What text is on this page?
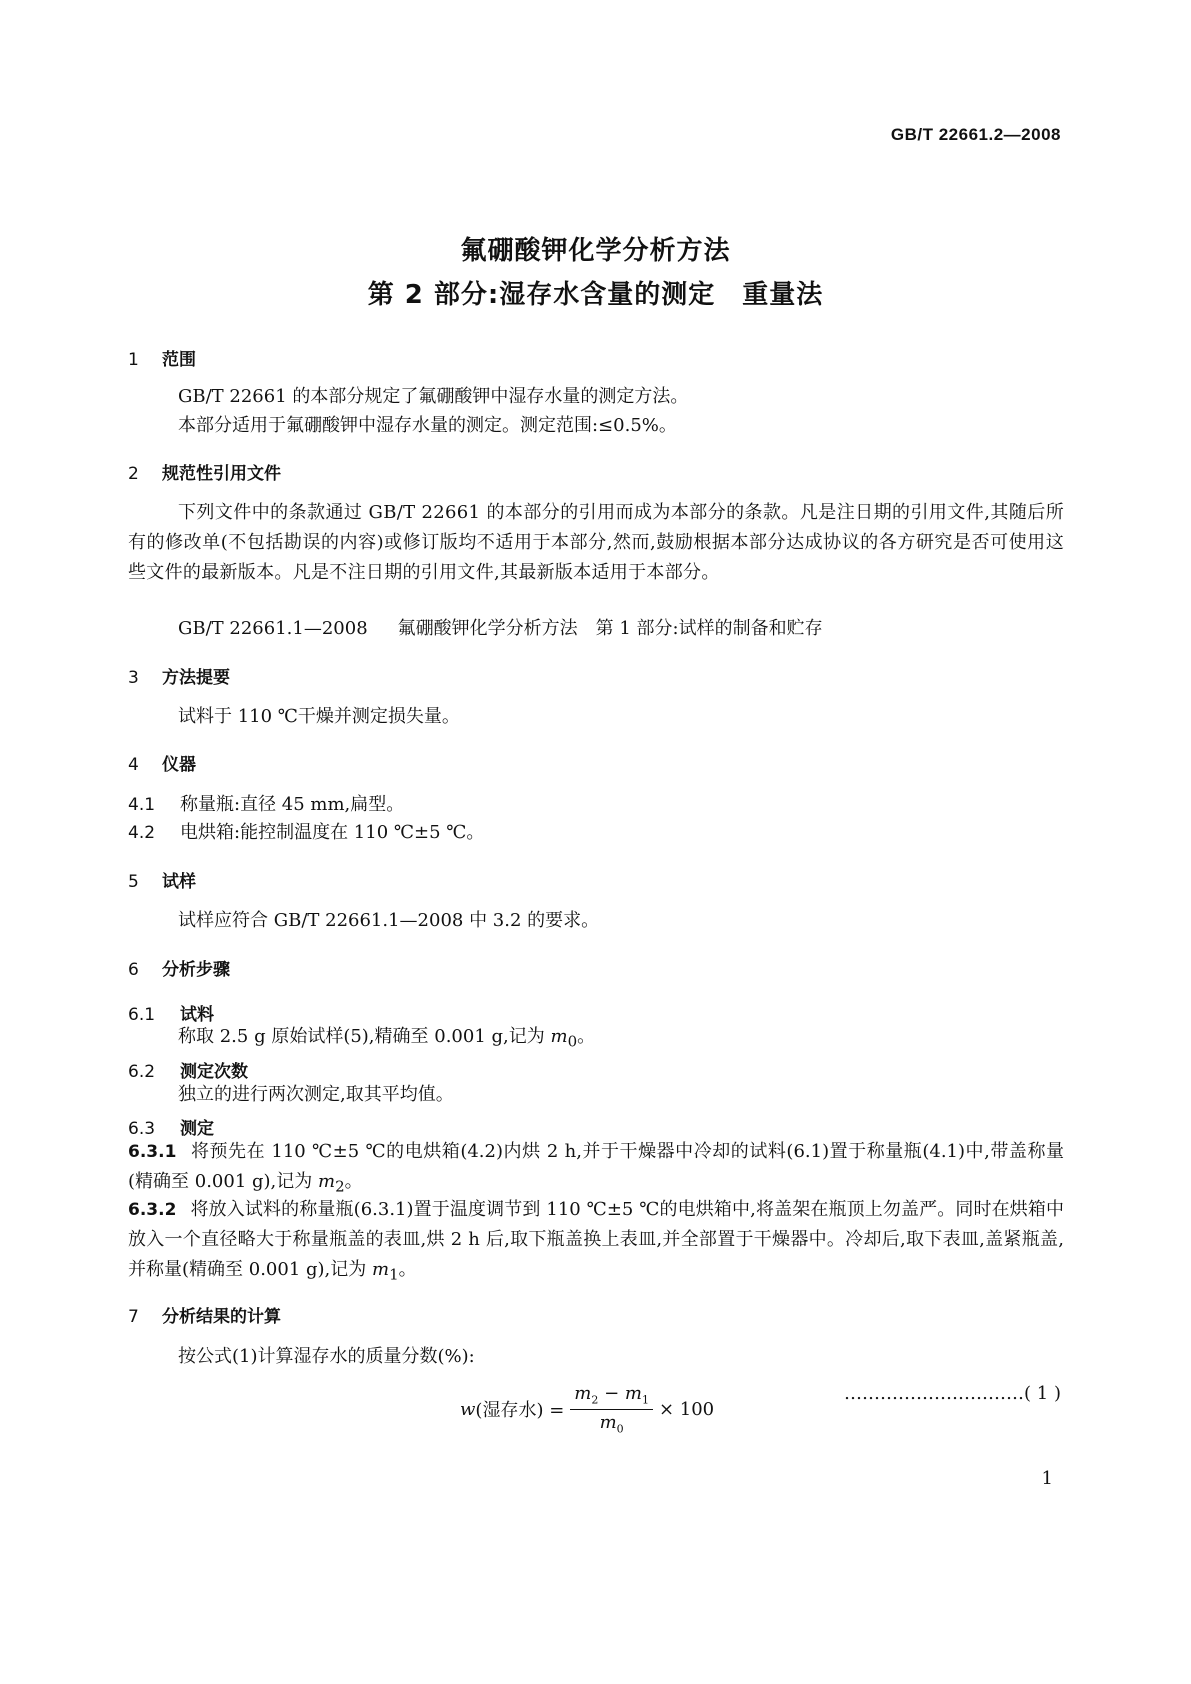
GB/T 22661.2—2008
氟硼酸钾化学分析方法
第 2 部分:湿存水含量的测定　重量法
1 范围
GB/T 22661 的本部分规定了氟硼酸钾中湿存水量的测定方法。
本部分适用于氟硼酸钾中湿存水量的测定。测定范围:≤0.5%。
2 规范性引用文件
下列文件中的条款通过 GB/T 22661 的本部分的引用而成为本部分的条款。凡是注日期的引用文件,其随后所有的修改单(不包括勘误的内容)或修订版均不适用于本部分,然而,鼓励根据本部分达成协议的各方研究是否可使用这些文件的最新版本。凡是不注日期的引用文件,其最新版本适用于本部分。
GB/T 22661.1—2008 氟硼酸钾化学分析方法　第 1 部分:试样的制备和贮存
3 方法提要
试料于 110 ℃干燥并测定损失量。
4 仪器
4.1 称量瓶:直径 45 mm,扁型。
4.2 电烘箱:能控制温度在 110 ℃±5 ℃。
5 试样
试样应符合 GB/T 22661.1—2008 中 3.2 的要求。
6 分析步骤
6.1 试料
称取 2.5 g 原始试样(5),精确至 0.001 g,记为 $m_0$。
6.2 测定次数
独立的进行两次测定,取其平均值。
6.3 测定
6.3.1 将预先在 110 ℃±5 ℃的电烘箱(4.2)内烘 2 h,并于干燥器中冷却的试料(6.1)置于称量瓶(4.1)中,带盖称量(精确至 0.001 g),记为 $m_2$。
6.3.2 将放入试料的称量瓶(6.3.1)置于温度调节到 110 ℃±5 ℃的电烘箱中,将盖架在瓶顶上勿盖严。同时在烘箱中放入一个直径略大于称量瓶盖的表皿,烘 2 h 后,取下瓶盖换上表皿,并全部置于干燥器中。冷却后,取下表皿,盖紧瓶盖,并称量(精确至 0.001 g),记为 $m_1$。
7 分析结果的计算
按公式(1)计算湿存水的质量分数(%):
w (湿存水) = $\frac{m_2 - m_1}{m_0} \times 100$
…………………………( 1 )
1
